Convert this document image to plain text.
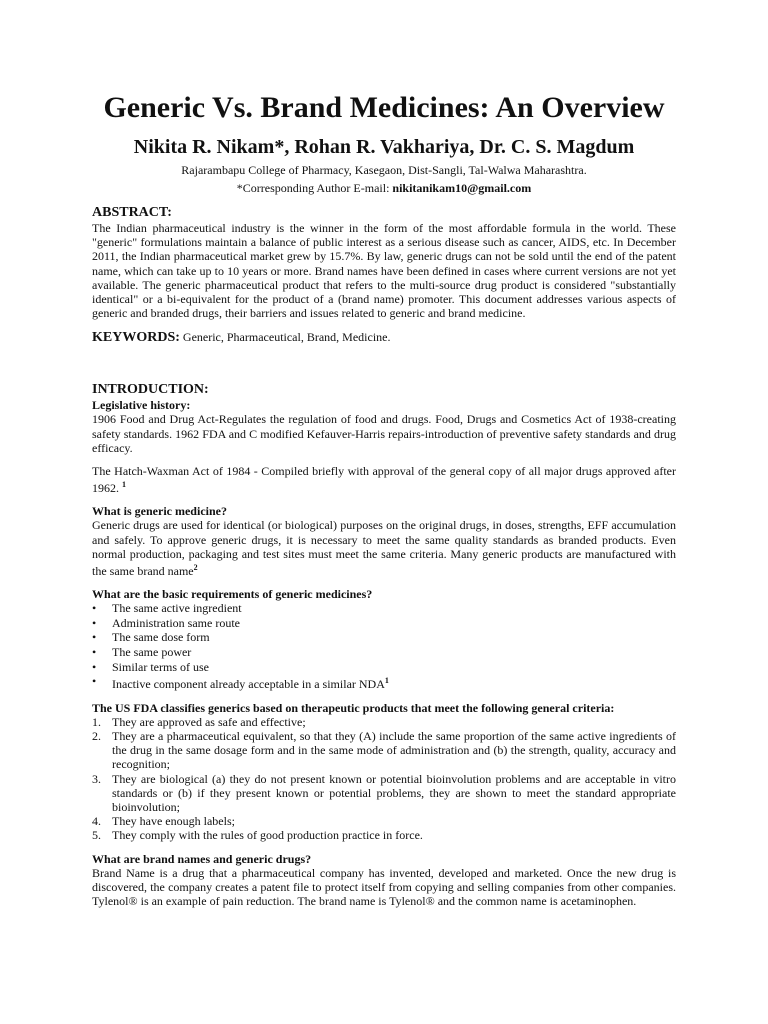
Generic Vs. Brand Medicines: An Overview
Nikita R. Nikam*, Rohan R. Vakhariya, Dr. C. S. Magdum
Rajarambapu College of Pharmacy, Kasegaon, Dist-Sangli, Tal-Walwa Maharashtra.
*Corresponding Author E-mail: nikitanikam10@gmail.com
ABSTRACT:

The Indian pharmaceutical industry is the winner in the form of the most affordable formula in the world. These "generic" formulations maintain a balance of public interest as a serious disease such as cancer, AIDS, etc. In December 2011, the Indian pharmaceutical market grew by 15.7%. By law, generic drugs can not be sold until the end of the patent name, which can take up to 10 years or more. Brand names have been defined in cases where current versions are not yet available. The generic pharmaceutical product that refers to the multi-source drug product is considered "substantially identical" or a bi-equivalent for the product of a (brand name) promoter. This document addresses various aspects of generic and branded drugs, their barriers and issues related to generic and brand medicine.

KEYWORDS: Generic, Pharmaceutical, Brand, Medicine.
INTRODUCTION:
Legislative history:

1906 Food and Drug Act-Regulates the regulation of food and drugs. Food, Drugs and Cosmetics Act of 1938-creating safety standards. 1962 FDA and C modified Kefauver-Harris repairs-introduction of preventive safety standards and drug efficacy.

The Hatch-Waxman Act of 1984 - Compiled briefly with approval of the general copy of all major drugs approved after 1962. $^1$

What is generic medicine?

Generic drugs are used for identical (or biological) purposes on the original drugs, in doses, strengths, EFF accumulation and safely. To approve generic drugs, it is necessary to meet the same quality standards as branded products. Even normal production, packaging and test sites must meet the same criteria. Many generic products are manufactured with the same brand name$^2$

What are the basic requirements of generic medicines?
•	The same active ingredient
•	Administration same route
•	The same dose form
•	The same power
•	Similar terms of use
•	Inactive component already acceptable in a similar NDA$^1$
The US FDA classifies generics based on therapeutic products that meet the following general criteria:
1. They are approved as safe and effective;
2. They are a pharmaceutical equivalent, so that they (A) include the same proportion of the same active ingredients of the drug in the same dosage form and in the same mode of administration and (b) the strength, quality, accuracy and recognition;
3. They are biological (a) they do not present known or potential bioinvolution problems and are acceptable in vitro standards or (b) if they present known or potential problems, they are shown to meet the standard appropriate bioinvolution;
4. They have enough labels;
5. They comply with the rules of good production practice in force.
What are brand names and generic drugs?

Brand Name is a drug that a pharmaceutical company has invented, developed and marketed. Once the new drug is discovered, the company creates a patent file to protect itself from copying and selling companies from other companies. Tylenol® is an example of pain reduction. The brand name is Tylenol® and the common name is acetaminophen.
